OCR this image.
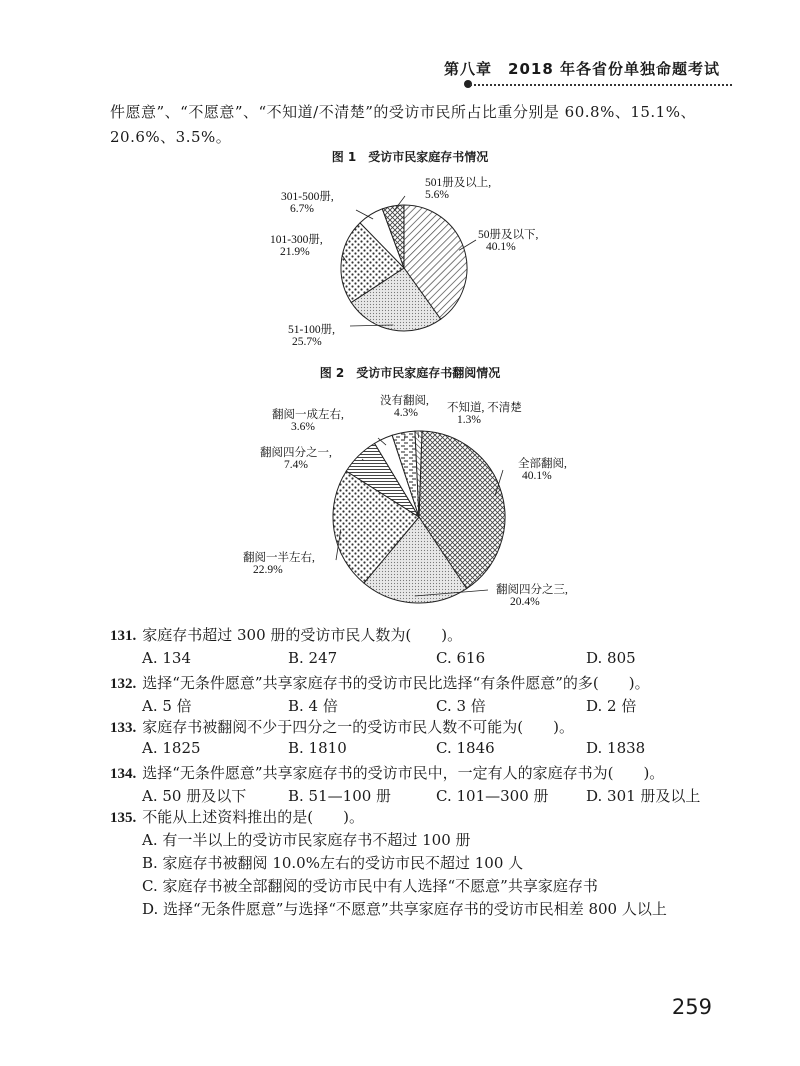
第八章　2018 年各省份单独命题考试
件愿意”、“不愿意”、“不知道/不清楚”的受访市民所占比重分别是 60.8%、15.1%、
20.6%、3.5%。
图 1　受访市民家庭存书情况
图 2　受访市民家庭存书翻阅情况
50册及以下,
40.1%
51-100册,
25.7%
101-300册,
21.9%
301-500册,
6.7%
501册及以上,
5.6%
全部翻阅,
40.1%
翻阅四分之三,
20.4%
翻阅一半左右,
22.9%
翻阅四分之一,
7.4%
翻阅一成左右,
3.6%
没有翻阅,
4.3%	不知道, 不清楚
1.3%
131. 家庭存书超过 300 册的受访市民人数为(　　)。
A. 134	B. 247	C. 616	D. 805
132. 选择“无条件愿意”共享家庭存书的受访市民比选择“有条件愿意”的多(　　)。
A. 5 倍	B. 4 倍	C. 3 倍	D. 2 倍
133. 家庭存书被翻阅不少于四分之一的受访市民人数不可能为(　　)。
A. 1825	B. 1810	C. 1846	D. 1838
134. 选择“无条件愿意”共享家庭存书的受访市民中，一定有人的家庭存书为(　　)。
A. 50 册及以下	B. 51—100 册	C. 101—300 册 D. 301 册及以上
135. 不能从上述资料推出的是(　　)。
A. 有一半以上的受访市民家庭存书不超过 100 册
B. 家庭存书被翻阅 10.0%左右的受访市民不超过 100 人
C. 家庭存书被全部翻阅的受访市民中有人选择“不愿意”共享家庭存书
D. 选择“无条件愿意”与选择“不愿意”共享家庭存书的受访市民相差 800 人以上
259
